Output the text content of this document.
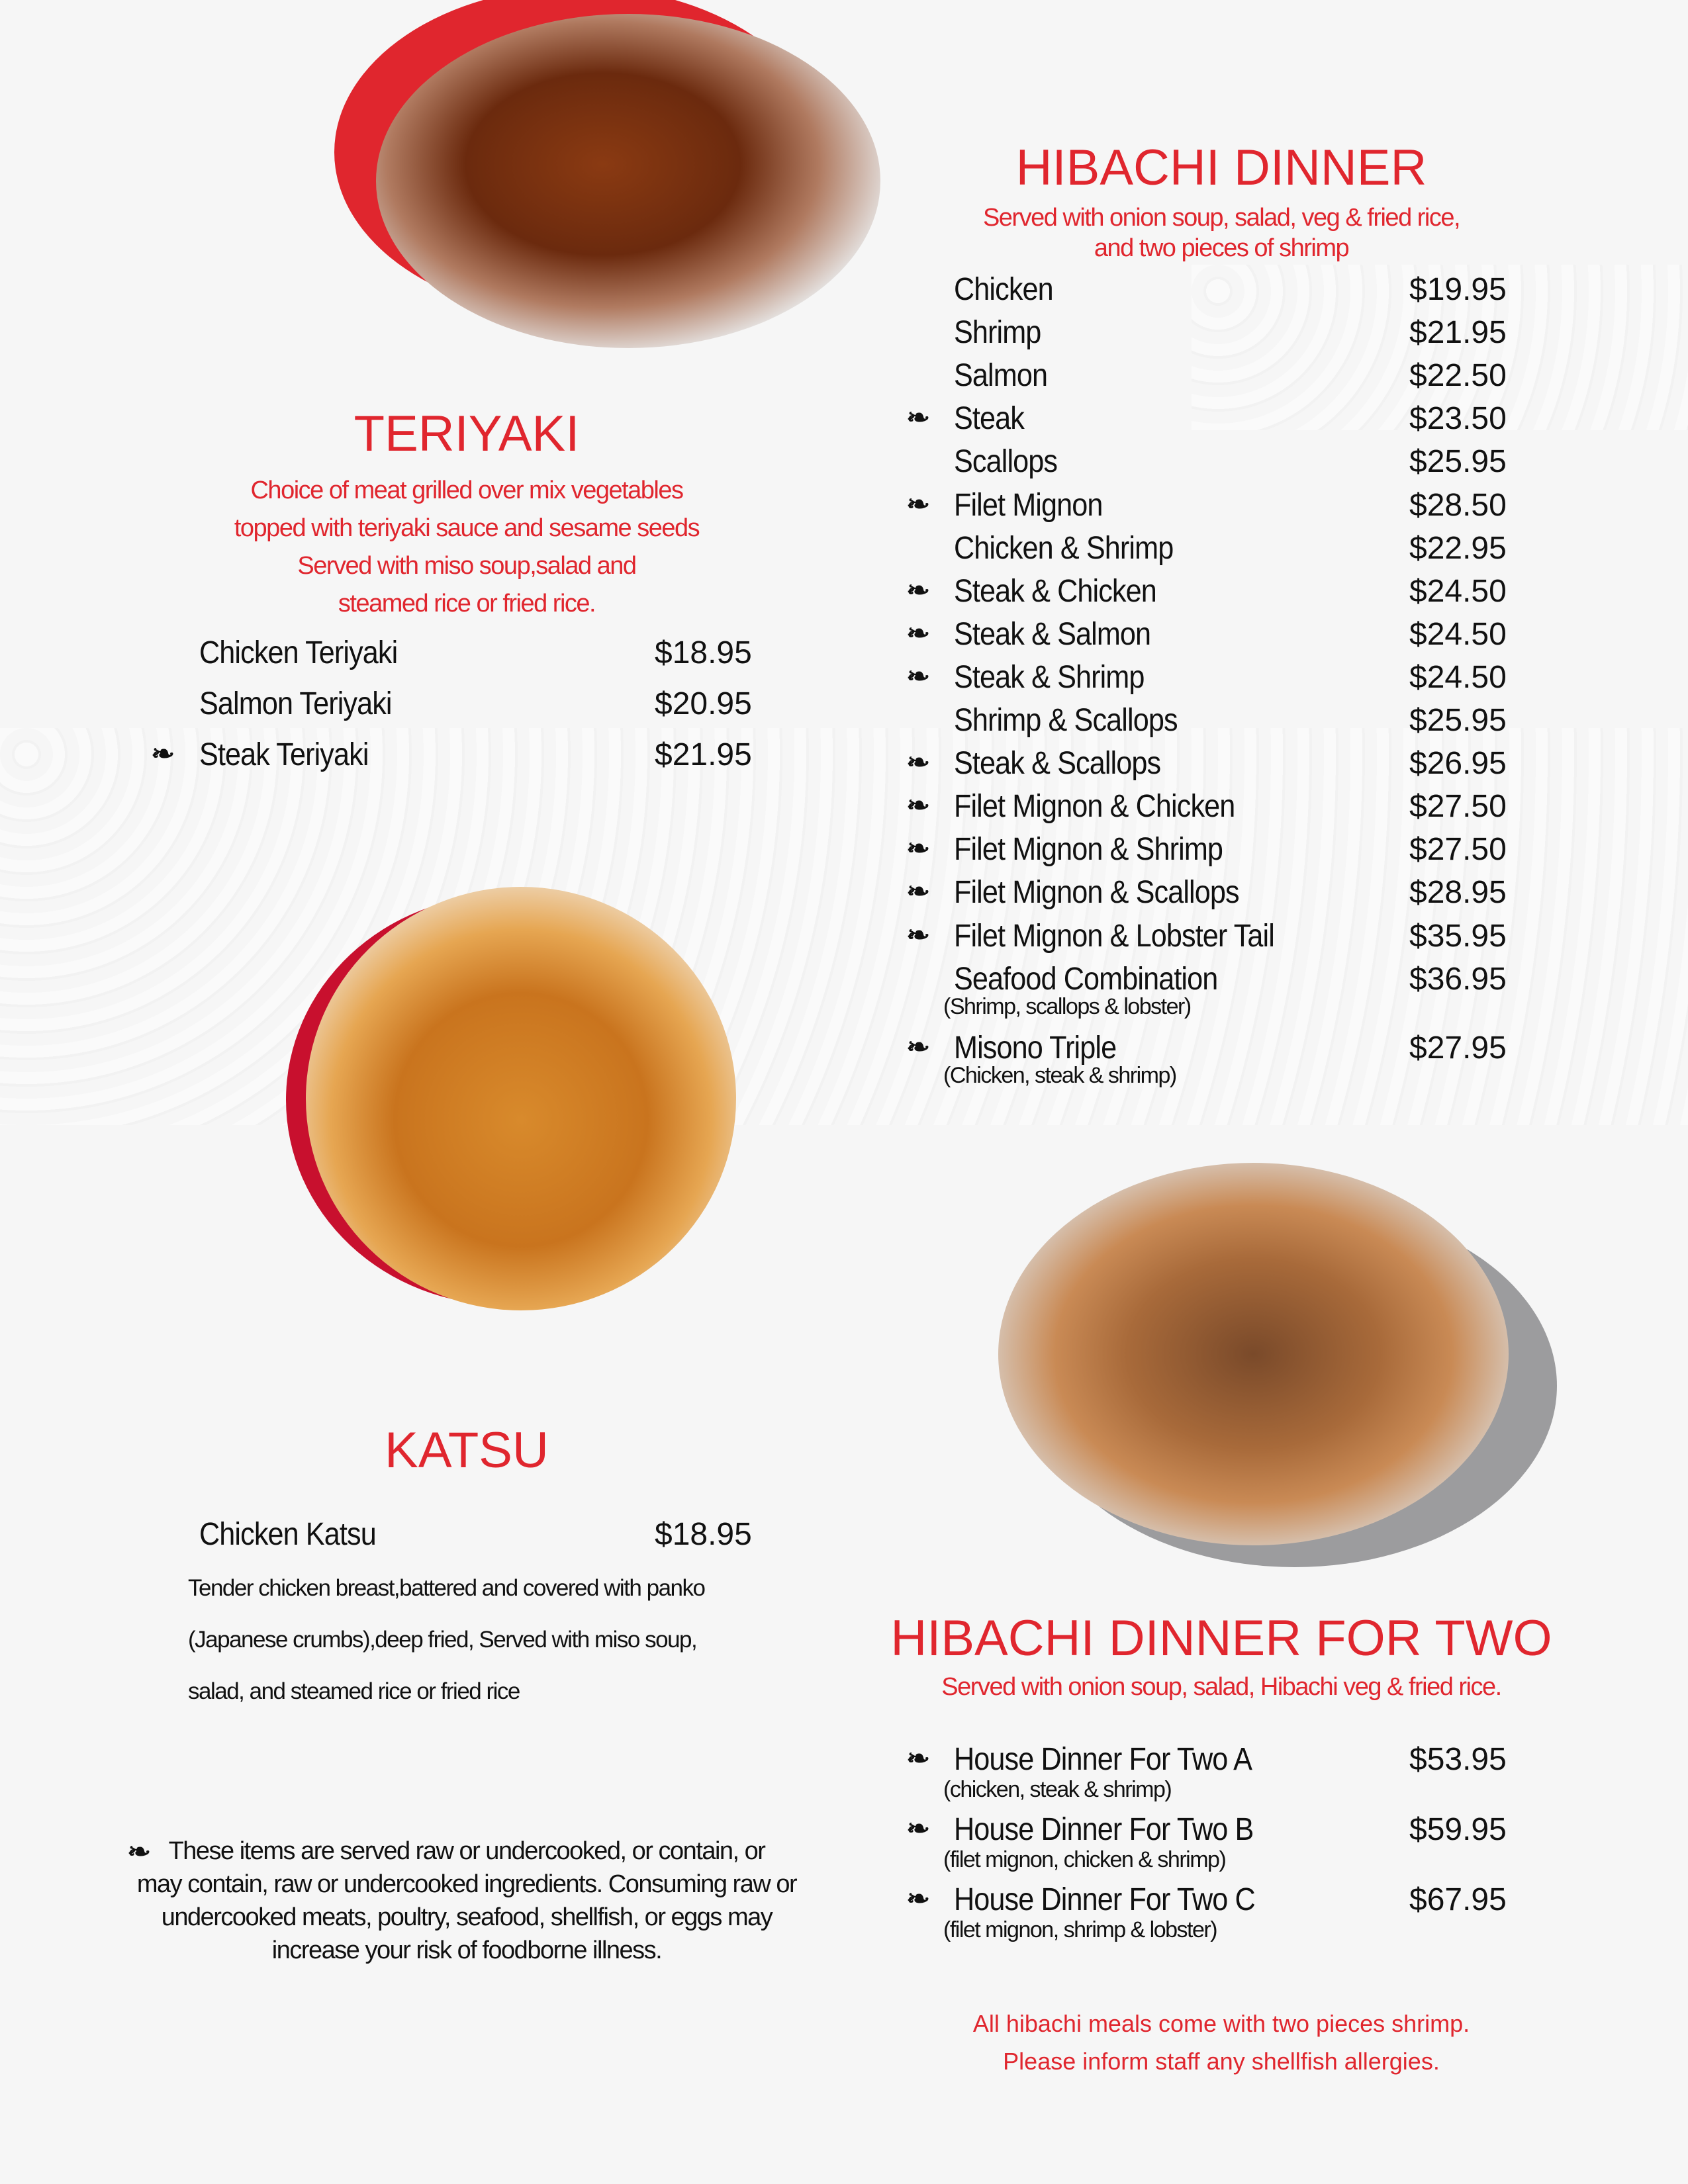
TERIYAKI
Choice of meat grilled over mix vegetables
topped with teriyaki sauce and sesame seeds
Served with miso soup,salad and
steamed rice or fried rice.
Chicken Teriyaki	$18.95
Salmon Teriyaki	$20.95
Steak Teriyaki	$21.95
❧
KATSU
Chicken Katsu	$18.95
Tender chicken breast,battered and covered with panko
(Japanese crumbs),deep fried, Served with miso soup,
salad, and steamed rice or fried rice
These items are served raw or undercooked, or contain, or
may contain, raw or undercooked ingredients. Consuming raw or
undercooked meats, poultry, seafood, shellfish, or eggs may
increase your risk of foodborne illness.
❧
HIBACHI DINNER
Served with onion soup, salad, veg & fried rice,
and two pieces of shrimp
Chicken	$19.95
Shrimp	$21.95
Salmon	$22.50
Steak	$23.50
❧
Scallops	$25.95
Filet Mignon	$28.50
❧
Chicken & Shrimp	$22.95
Steak & Chicken	$24.50
❧
Steak & Salmon	$24.50
❧
Steak & Shrimp	$24.50
❧
Shrimp & Scallops	$25.95
Steak & Scallops	$26.95
❧
Filet Mignon & Chicken	$27.50
❧
Filet Mignon & Shrimp	$27.50
❧
Filet Mignon & Scallops	$28.95
❧
Filet Mignon & Lobster Tail	$35.95
❧
Seafood Combination	$36.95
(Shrimp, scallops & lobster)
Misono Triple	$27.95
(Chicken, steak & shrimp)
❧
HIBACHI DINNER FOR TWO
Served with onion soup, salad, Hibachi veg & fried rice.
House Dinner For Two A	$53.95
(chicken, steak & shrimp)
❧
House Dinner For Two B	$59.95
(filet mignon, chicken & shrimp)
❧
House Dinner For Two C	$67.95
(filet mignon, shrimp & lobster)
❧
All hibachi meals come with two pieces shrimp.
Please inform staff any shellfish allergies.
